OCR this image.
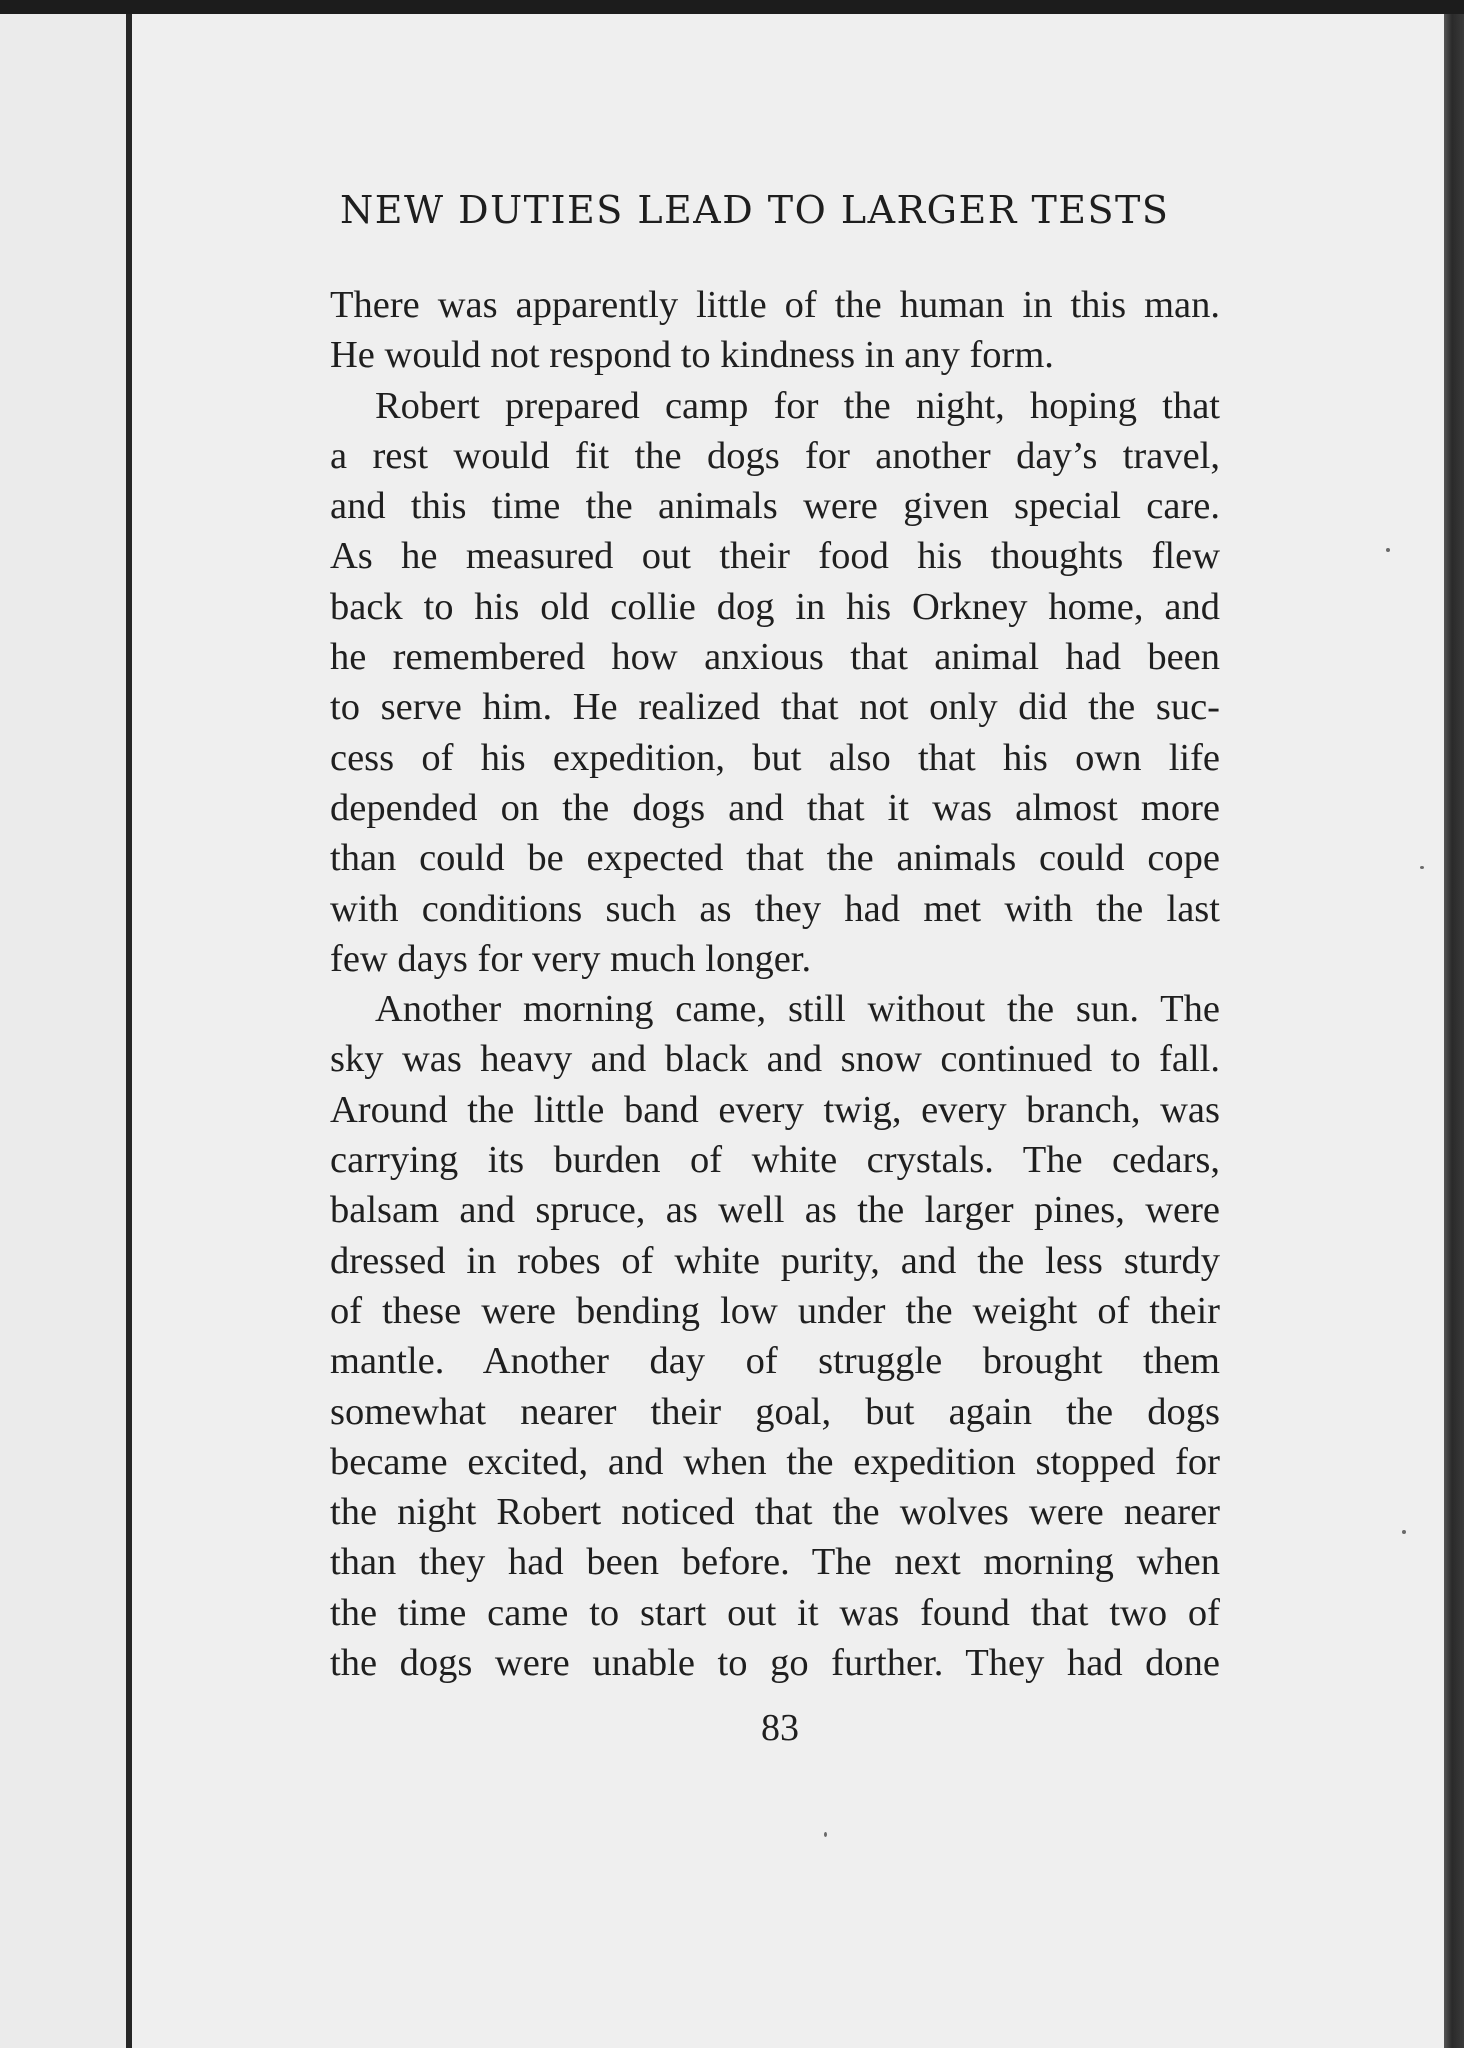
NEW DUTIES LEAD TO LARGER TESTS
There was apparently little of the human in this man.
He would not respond to kindness in any form.
Robert prepared camp for the night, hoping that
a rest would fit the dogs for another day’s travel,
and this time the animals were given special care.
As he measured out their food his thoughts flew
back to his old collie dog in his Orkney home, and
he remembered how anxious that animal had been
to serve him. He realized that not only did the suc-
cess of his expedition, but also that his own life
depended on the dogs and that it was almost more
than could be expected that the animals could cope
with conditions such as they had met with the last
few days for very much longer.
Another morning came, still without the sun. The
sky was heavy and black and snow continued to fall.
Around the little band every twig, every branch, was
carrying its burden of white crystals. The cedars,
balsam and spruce, as well as the larger pines, were
dressed in robes of white purity, and the less sturdy
of these were bending low under the weight of their
mantle. Another day of struggle brought them
somewhat nearer their goal, but again the dogs
became excited, and when the expedition stopped for
the night Robert noticed that the wolves were nearer
than they had been before. The next morning when
the time came to start out it was found that two of
the dogs were unable to go further. They had done
83
